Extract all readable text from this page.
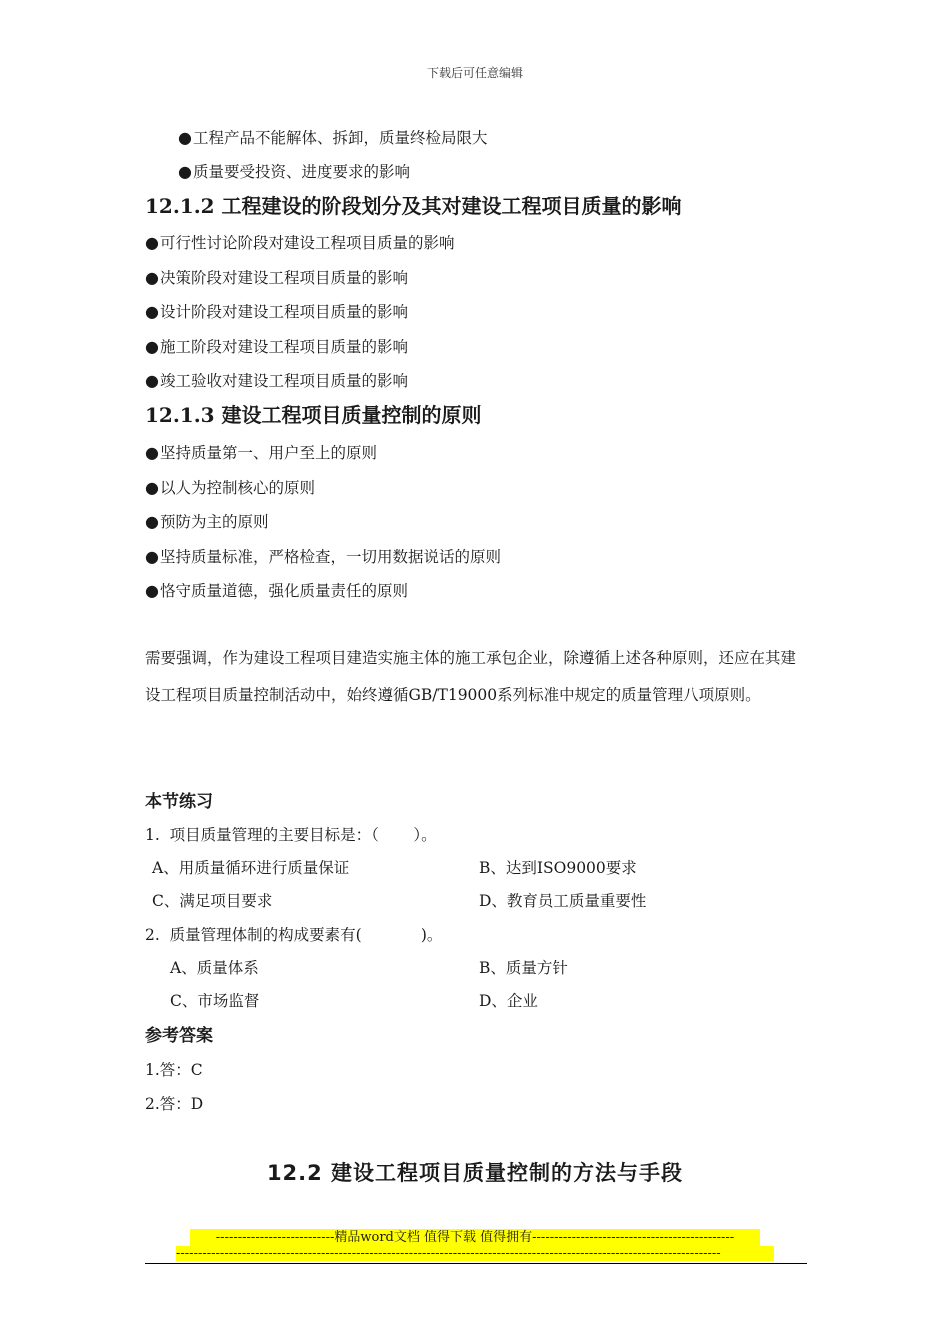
下载后可任意编辑
●工程产品不能解体、拆卸，质量终检局限大
●质量要受投资、进度要求的影响
12.1.2 工程建设的阶段划分及其对建设工程项目质量的影响
●可行性讨论阶段对建设工程项目质量的影响
●决策阶段对建设工程项目质量的影响
●设计阶段对建设工程项目质量的影响
●施工阶段对建设工程项目质量的影响
●竣工验收对建设工程项目质量的影响
12.1.3 建设工程项目质量控制的原则
●坚持质量第一、用户至上的原则
●以人为控制核心的原则
●预防为主的原则
●坚持质量标准，严格检查，一切用数据说话的原则
●恪守质量道德，强化质量责任的原则
需要强调，作为建设工程项目建造实施主体的施工承包企业，除遵循上述各种原则，还应在其建设工程项目质量控制活动中，始终遵循GB/T19000系列标准中规定的质量管理八项原则。
本节练习
1.  项目质量管理的主要目标是：（       ）。
A、用质量循环进行质量保证	B、达到ISO9000要求
C、满足项目要求	D、教育员工质量重要性
2.  质量管理体制的构成要素有(            )。
A、质量体系	B、质量方针
C、市场监督	D、企业
参考答案
1.答：C
2.答：D
12.2 建设工程项目质量控制的方法与手段
---------------------------精品word文档 值得下载 值得拥有----------------------------------------------
----------------------------------------------------------------------------------------------------------------------------
